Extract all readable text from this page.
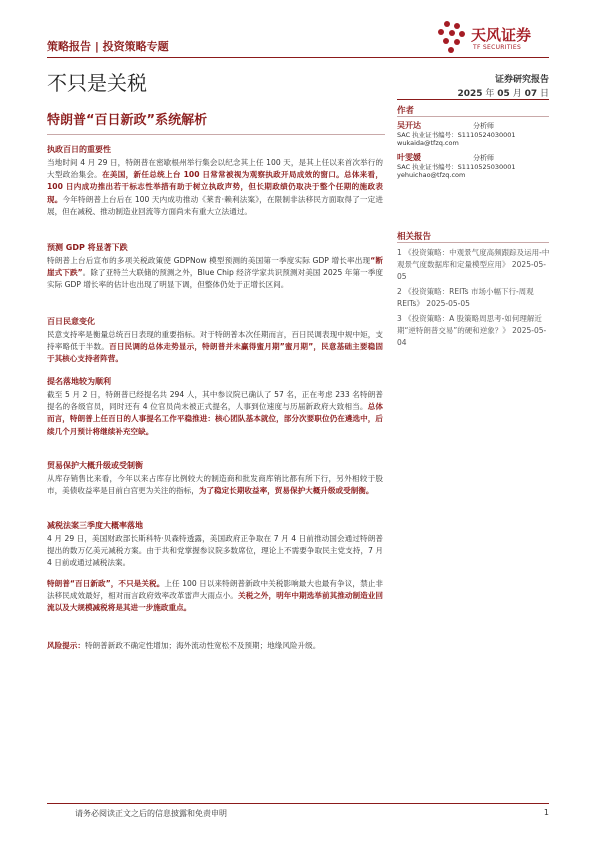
策略报告 | 投资策略专题
天风证券
TF SECURITIES
不只是关税
特朗普“百日新政”系统解析
证券研究报告
2025 年 05 月 07 日
作者
吴开达	分析师
SAC 执业证书编号：S1110524030001
wukaida@tfzq.com
叶雯媛	分析师
SAC 执业证书编号：S1110525030001
yehuichao@tfzq.com
相关报告
1 《投资策略：中观景气度高频跟踪及运用-中观景气度数据库和定量模型应用》 2025-05-05
2 《投资策略：REITs 市场小幅下行-周观 REITs》 2025-05-05
3 《投资策略：A 股策略周思考-如何理解近期“逆特朗普交易”的硬和逆象？》 2025-05-04
执政百日的重要性

当地时间 4 月 29 日，特朗普在密歇根州举行集会以纪念其上任 100 天，是其上任以来首次举行的大型政治集会。在美国，新任总统上台 100 日常常被视为观察执政开局成效的窗口。总体来看，100 日内成功推出若干标志性举措有助于树立执政声势，但长期政绩仍取决于整个任期的施政表现。今年特朗普上台后在 100 天内成功推动《莱肯·赖利法案》，在限制非法移民方面取得了一定进展，但在减税、推动制造业回流等方面尚未有重大立法通过。

预测 GDP 将显著下跌

特朗普上台后宣布的多项关税政策使 GDPNow 模型预测的美国第一季度实际 GDP 增长率出现“断崖式下跌”。除了亚特兰大联储的预测之外，Blue Chip 经济学家共识预测对美国 2025 年第一季度实际 GDP 增长率的估计也出现了明显下调，但整体仍处于正增长区间。

百日民意变化

民意支持率是衡量总统百日表现的重要指标。对于特朗普本次任期而言，百日民调表现中规中矩，支持率略低于半数。百日民调的总体走势显示，特朗普并未赢得蜜月期”蜜月期”，民意基础主要稳固于其核心支持者阵营。

提名落地较为顺利

截至 5 月 2 日，特朗普已经提名共 294 人，其中参议院已确认了 57 名，正在考虑 233 名特朗普提名的各级官员，同时还有 4 位官员尚未被正式提名，人事到位速度与历届新政府大致相当。总体而言，特朗普上任百日的人事提名工作平稳推进：核心团队基本就位，部分次要职位仍在遴选中，后续几个月预计将继续补充空缺。

贸易保护大概升级或受制衡

从库存销售比来看，今年以来占库存比例较大的制造商和批发商库销比都有所下行，另外相较于股市，美债收益率是目前白宫更为关注的指标，为了稳定长期收益率，贸易保护大概升级或受制衡。

减税法案三季度大概率落地

4 月 29 日，美国财政部长斯科特·贝森特透露，美国政府正争取在 7 月 4 日前推动国会通过特朗普提出的数万亿美元减税方案。由于共和党掌握参议院多数席位，理论上不需要争取民主党支持，7 月 4 日前或通过减税法案。

特朗普“百日新政”，不只是关税。上任 100 日以来特朗普新政中关税影响最大也最有争议，禁止非法移民成效最好，相对而言政府效率改革雷声大雨点小。关税之外，明年中期选举前其推动制造业回流以及大规模减税将是其进一步施政重点。

风险提示：特朗普新政不确定性增加；海外流动性宽松不及预期；地缘风险升级。

请务必阅读正文之后的信息披露和免责申明	1
